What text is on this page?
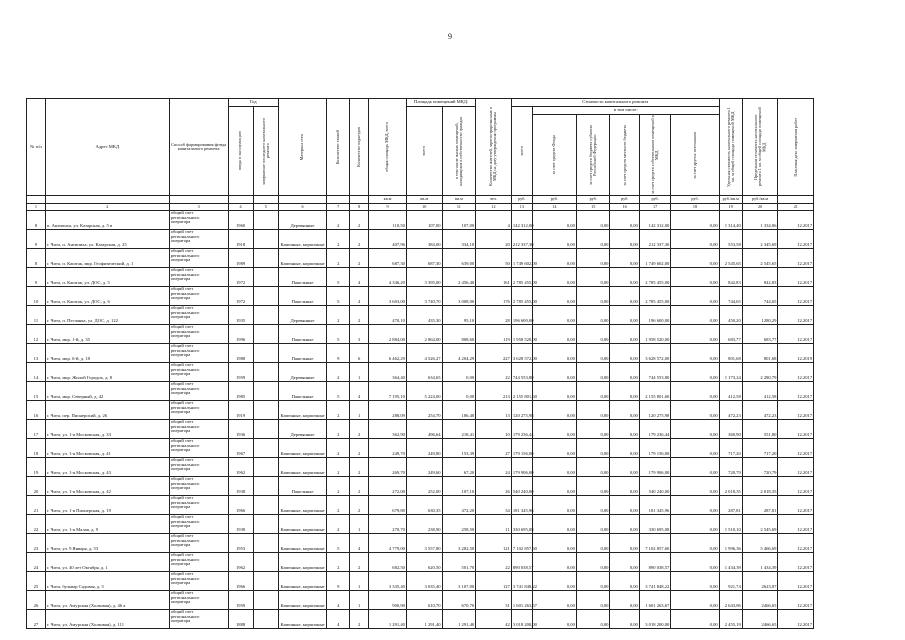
9
№ п/п	Адрес МКД	Способ формирования фонда капитального ремонта	Год		Материал стен	Количество этажей	Количество подъездов	общая площадь МКД, всего	Площадь помещений МКД:		Количество жителей, зарегистрированных в МКД на дату утверждения программы	Стоимость капитального ремонта						Удельная стоимость капитального ремонта 1 кв. м общей площади помещений МКД	Предельная стоимость капитального ремонта 1 кв. м общей площади помещений МКД	Плановая дата завершения работ

			ввода в эксплуатацию	завершение последнего капитального ремонта					всего	в том числе жилых помещений, находящихся в собственности граждан		всего	в том числе:							

													за счет средств Фонда	за счет средств бюджета субъекта Российской Федерации	за счет средств местного бюджета	за счет средств собственников помещений в МКД	за счет других источников			

								кв.м	кв.м	кв.м	чел.	руб.	руб.	руб.	руб.	руб.	руб.	руб./кв.м	руб./кв.м	
1	2	3	4	5	6	7	8	9	10	11	12	13	14	15	16	17	18	19	20	21
8	п. Антипиха, ул. Казарская, д. 5 в	общий счет
регионального
оператора	1960		Деревянные	2	2	110,50	107,00	107,00	4	142 312,00	0,00	0,00	0,00	142 312,00	0,00	1 314,40	1 334,06	12.2017
9	г. Чита, п. Антипиха, ул. Казарская, д. 25	общий счет
регионального
оператора	1918		Каменные, кирпичные	2	2	407,96	384,00	334,10	20	212 337,30	0,00	0,00	0,00	212 337,30	0,00	553,58	2 345,69	12.2017
8	г. Чита, п. Каштак, мкр. Геофизический, д. 1	общий счет
регионального
оператора	1989		Каменные, кирпичные	2	2	687,30	687,30	639,00	50	1 749 602,00	0,00	0,00	0,00	1 749 602,00	0,00	2 545,65	2 545,65	12.2017
9	г. Чита, п. Каштак, ул. ДОС, д. 5	общий счет
регионального
оператора	1972		Панельные	5	4	4 346,20	3 395,00	2 456,40	161	2 785 455,00	0,00	0,00	0,00	2 785 455,00	0,00	842,83	842,83	12.2017
10	г. Чита, п. Каштак, ул. ДОС, д. 6	общий счет
регионального
оператора	1972		Панельные	5	4	3 603,00	3 740,70	3 008,00	176	2 785 455,00	0,00	0,00	0,00	2 785 455,00	0,00	744,65	744,65	12.2017
11	г. Чита, п. Песчанка, ул. ДОС, д. 122	общий счет
регионального
оператора	1935		Деревянные	2	2	470,10	435,30	95,10	28	196 600,00	0,00	0,00	0,00	196 600,00	0,00	450,20	1280,29	12.2017
12	г. Чита, мкр. 1-й, д. 35	общий счет
регионального
оператора	1996		Панельные	5	3	2 884,00	2 864,00	808,60	119	1 958 520,00	0,00	0,00	0,00	1 958 520,00	0,00	683,77	683,77	12.2017
13	г. Чита, мкр. 6-й, д. 18	общий счет
регионального
оператора	1988		Панельные	9	6	6 462,29	4 526,27	4 204,29	227	3 628 572,00	0,00	0,00	0,00	3 628 572,00	0,00	801,68	801,68	12.2019
14	г. Чита, мкр. Жилой Городок, д. 8	общий счет
регионального
оператора	1959		Деревянные	2	1	364,40	634,65	0,00	22	744 553,80	0,00	0,00	0,00	744 553,80	0,00	1 173,24	2 280,79	12.2017
15	г. Чита, мкр. Северный, д. 42	общий счет
регионального
оператора	1985		Панельные	5	4	7 195,10	5 224,00	0,00	213	2 155 801,60	0,00	0,00	0,00	2 155 801,60	0,00	412,58	412,58	12.2017
16	г. Чита, пер. Пионерский, д. 26	общий счет
регионального
оператора	1919		Каменные, кирпичные	2	1	288,09	254,70	186,40	13	120 275,98	0,00	0,00	0,00	120 275,98	0,00	472,23	472,23	12.2017
17	г. Чита, ул. 1-я Московская, д. 33	общий счет
регионального
оператора	1936		Деревянные	2	2	362,90	496,64	218,41	10	179 236,44	0,00	0,00	0,00	179 236,44	0,00	360,90	551,80	12.2017
18	г. Чита, ул. 1-я Московская, д. 41	общий счет
регионального
оператора	1967		Каменные, кирпичные	2	2	249,70	249,80	153,39	27	179 156,00	0,00	0,00	0,00	179 156,00	0,00	717,20	717,20	12.2017
19	г. Чита, ул. 1-я Московская, д. 43	общий счет
регионального
оператора	1962		Каменные, кирпичные	2	2	269,70	249,60	67,20	24	179 906,00	0,00	0,00	0,00	179 906,00	0,00	720,79	720,79	12.2017
20	г. Чита, ул. 1-я Московская, д. 42	общий счет
регионального
оператора	1938		Панельные	2	2	272,00	252,00	107,10	26	540 240,00	0,00	0,00	0,00	540 240,00	0,00	2 018,35	2 018,35	12.2017
21	г. Чита, ул. 1-я Пионерская, д. 19	общий счет
регионального
оператора	1966		Каменные, кирпичные	2	2	679,80	630,35	472,20	34	181 345,96	0,00	0,00	0,00	181 345,96	0,00	287,81	287,81	12.2017
22	г. Чита, ул. 1-я Малая, д. 9	общий счет
регионального
оператора	1938		Каменные, кирпичные	2	1	270,70	238,90	258,50	11	330 695,08	0,00	0,00	0,00	330 695,08	0,00	1 510,10	2 545,69	12.2017
23	г. Чита, ул. 9 Января, д. 53	общий счет
регионального
оператора	1953		Каменные, кирпичные	5	4	4 779,00	3 557,80	3 282,50	121	7 102 857,60	0,00	0,00	0,00	7 102 857,60	0,00	1 996,36	5 466,69	12.2017
24	г. Чита, ул. 40 лет Октября, д. 1	общий счет
регионального
оператора	1962		Каменные, кирпичные	2	2	682,50	620,50	501,70	22	890 038,57	0,00	0,00	0,00	890 038,57	0,00	1 434,39	1 434,39	12.2017
25	г. Чита, бульвар Садовая, д. 5	общий счет
регионального
оператора	1966		Каменные, кирпичные	9	1	3 335,40	3 035,40	3 107,00	127	3 741 848,22	0,00	0,00	0,00	3 741 848,22	0,00	921,74	2623,87	12.2017
26	г. Чита, ул. Амурская (Холковая), д. 46 а	общий счет
регионального
оператора	1959		Каменные, кирпичные	4	1	900,90	610,70	670,70	31	1 601 263,67	0,00	0,00	0,00	1 601 263,67	0,00	2 643,86	2466,65	12.2017
27	г. Чита, ул. Амурская (Холковая), д. 111	общий счет
регионального
оператора	1888		Каменные, кирпичные	4	2	1 291,40	1 291,40	1 291,40	42	3 018 200,00	0,00	0,00	0,00	3 018 200,00	0,00	2 455,19	2466,65	12.2017
